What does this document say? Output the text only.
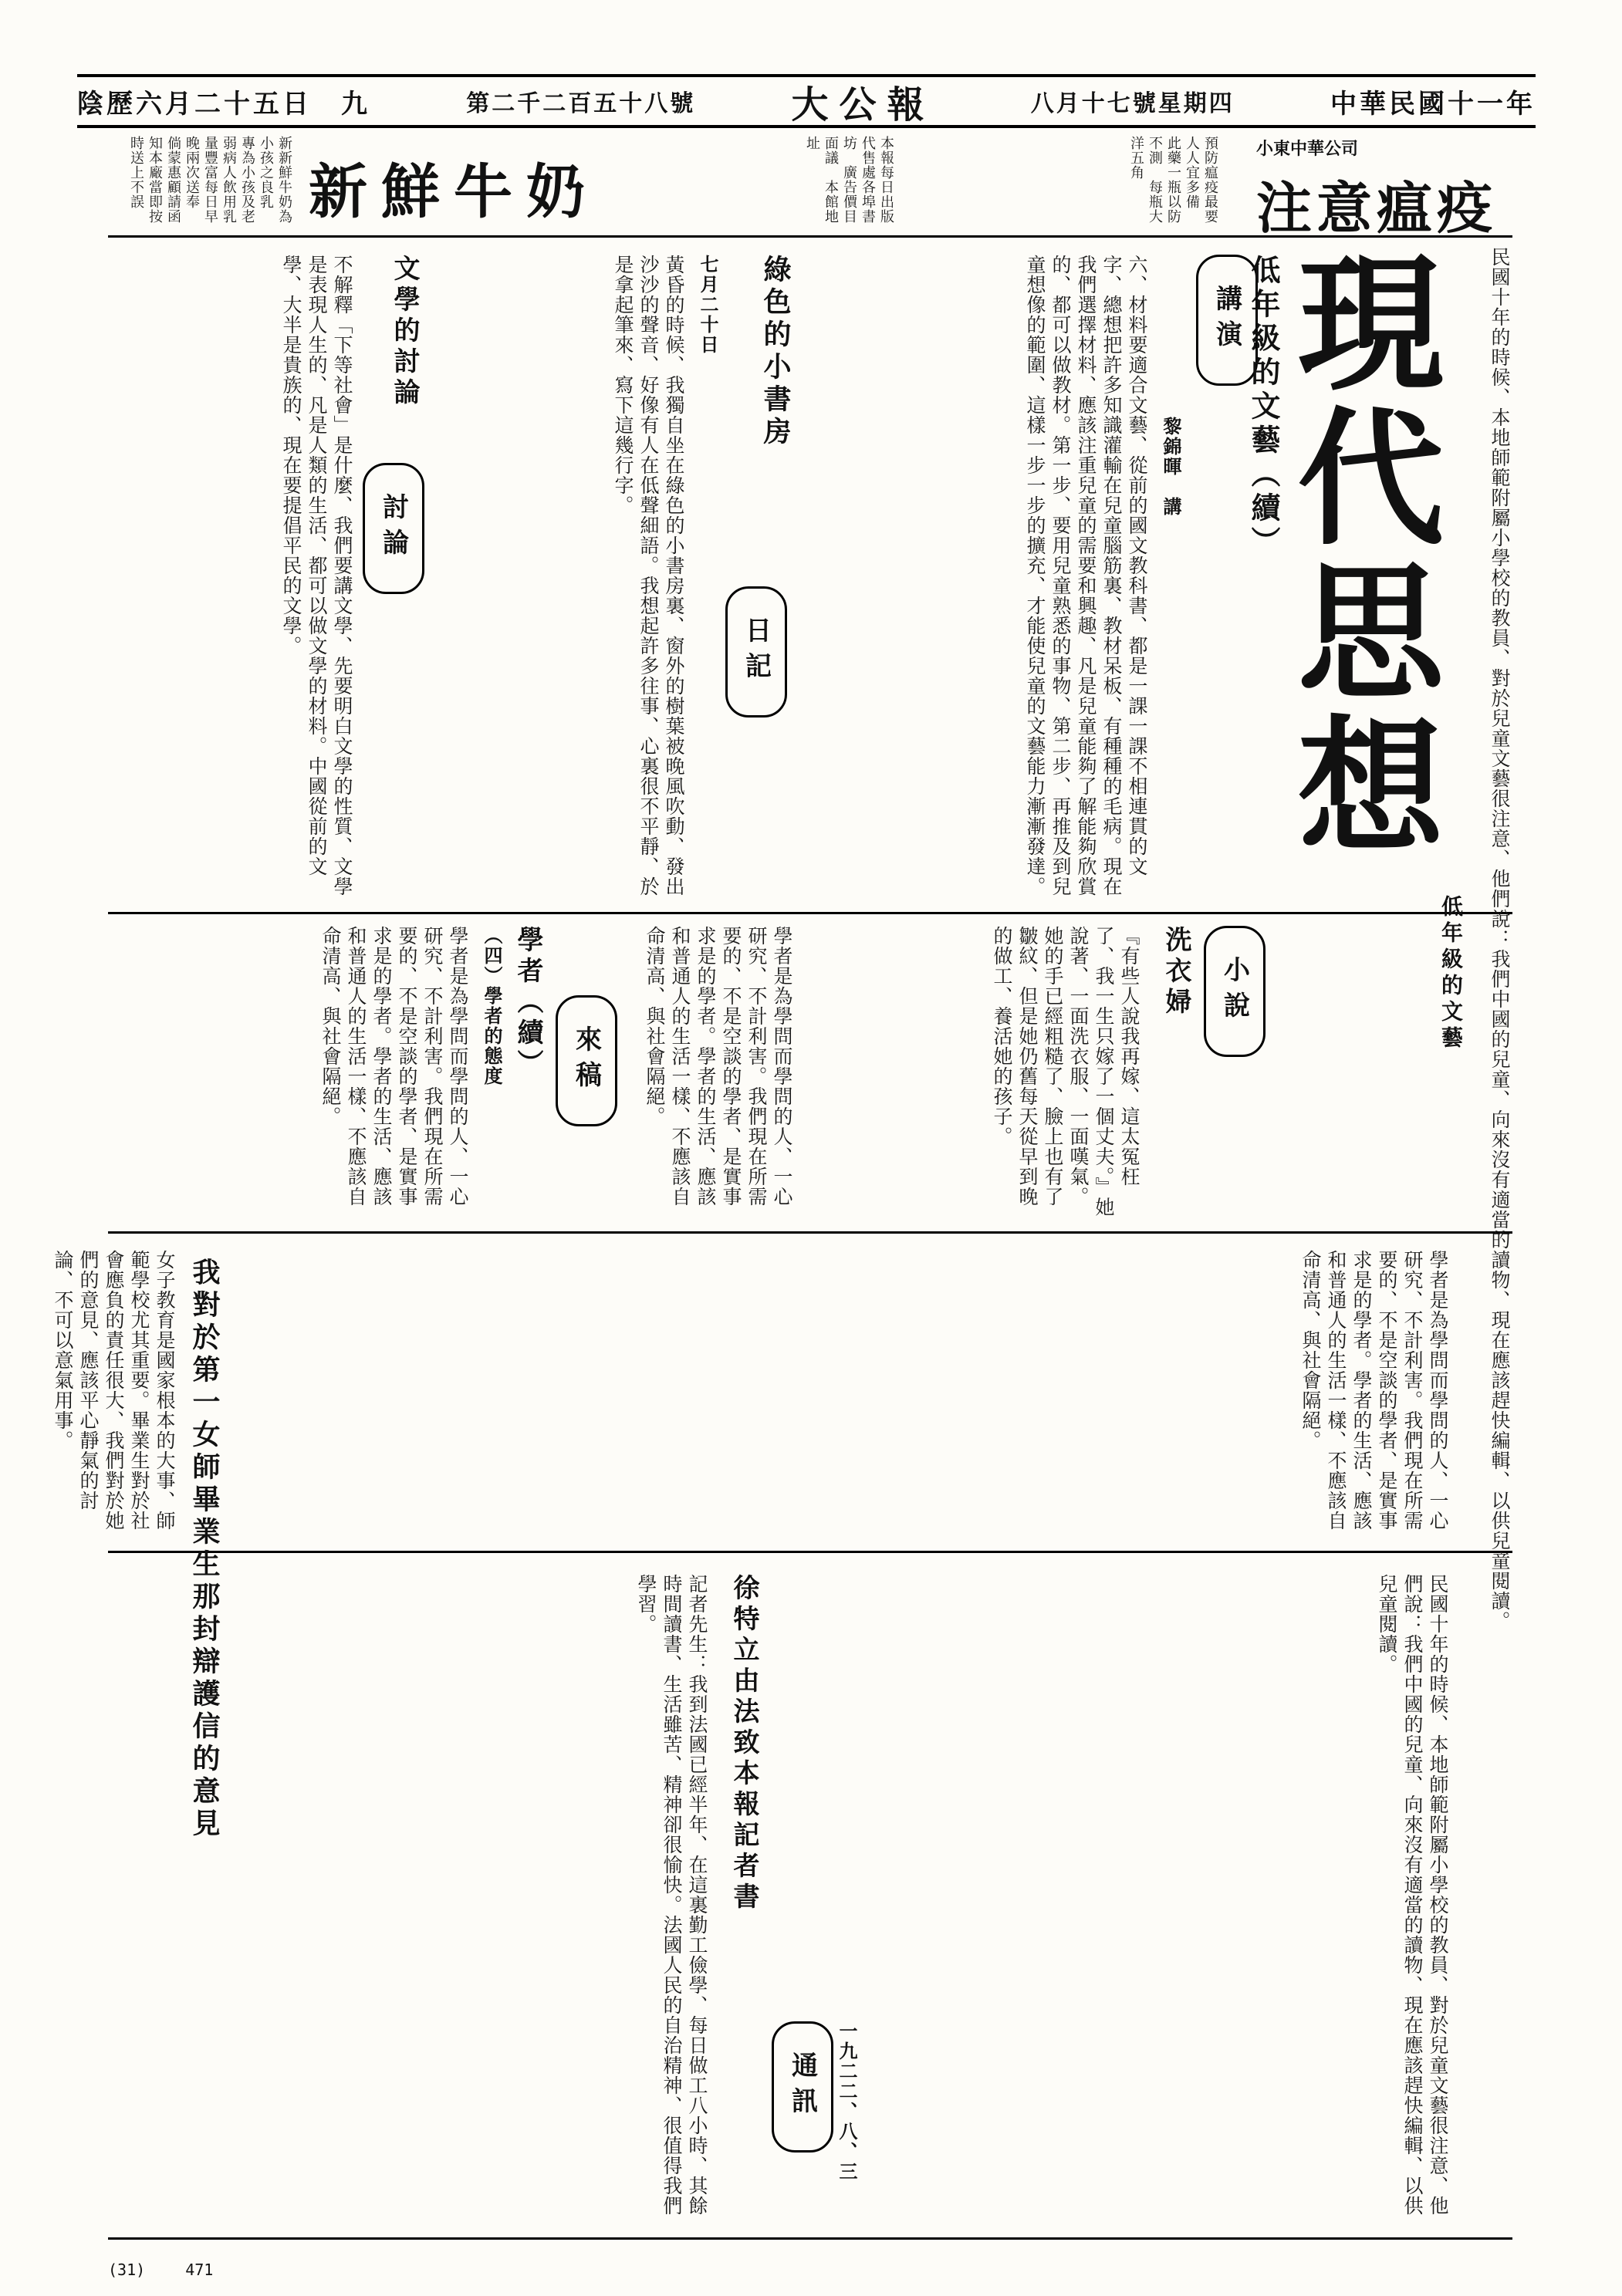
陰歷六月二十五日　九	第二千二百五十八號	大公報	八月十七號星期四	中華民國十一年
新新鮮牛奶為小孩之良乳　專為小孩及老弱病人飲用乳量豐富每日早晚兩次送奉　倘蒙惠顧請函知本廠當即按時送上不誤	新鮮牛奶	本報每日出版　代售處各埠書坊　廣告價目面議　本館地址	預防瘟疫最要　人人宜多備　此藥一瓶以防不測　每瓶大洋五角	小東中華公司
注意瘟疫
民國十年的時候、本地師範附屬小學校的教員、對於兒童文藝很注意、他們說：我們中國的兒童、向來沒有適當的讀物、現在應該趕快編輯、以供兒童閱讀。
低年級的文藝
現代思想
講演 低年級的文藝（續）
黎錦暉　講
六、材料要適合文藝、從前的國文教科書、都是一課一課不相連貫的文字、總想把許多知識灌輸在兒童腦筋裏、教材呆板、有種種的毛病。現在我們選擇材料、應該注重兒童的需要和興趣、凡是兒童能夠了解能夠欣賞的、都可以做教材。第一步、要用兒童熟悉的事物、第二步、再推及到兒童想像的範圍、這樣一步一步的擴充、才能使兒童的文藝能力漸漸發達。
日記
綠色的小書房
七月二十日
黃昏的時候、我獨自坐在綠色的小書房裏、窗外的樹葉被晚風吹動、發出沙沙的聲音、好像有人在低聲細語。我想起許多往事、心裏很不平靜、於是拿起筆來、寫下這幾行字。
討論
文學的討論
不解釋「下等社會」是什麼、我們要講文學、先要明白文學的性質、文學是表現人生的、凡是人類的生活、都可以做文學的材料。中國從前的文學、大半是貴族的、現在要提倡平民的文學。
小說
洗衣婦
『有些人說我再嫁、這太冤枉了、我一生只嫁了一個丈夫。』她說著、一面洗衣服、一面嘆氣。她的手已經粗糙了、臉上也有了皺紋、但是她仍舊每天從早到晚的做工、養活她的孩子。
來稿
學者（續）
（四）學者的態度
學者是為學問而學問的人、一心研究、不計利害。我們現在所需要的、不是空談的學者、是實事求是的學者。學者的生活、應該和普通人的生活一樣、不應該自命清高、與社會隔絕。	學者是為學問而學問的人、一心研究、不計利害。我們現在所需要的、不是空談的學者、是實事求是的學者。學者的生活、應該和普通人的生活一樣、不應該自命清高、與社會隔絕。
我對於第一女師畢業生那封辯護信的意見
女子教育是國家根本的大事、師範學校尤其重要。畢業生對於社會應負的責任很大、我們對於她們的意見、應該平心靜氣的討論、不可以意氣用事。	學者是為學問而學問的人、一心研究、不計利害。我們現在所需要的、不是空談的學者、是實事求是的學者。學者的生活、應該和普通人的生活一樣、不應該自命清高、與社會隔絕。
通訊
徐特立由法致本報記者書
一九二二、八、三
記者先生：我到法國已經半年、在這裏勤工儉學、每日做工八小時、其餘時間讀書、生活雖苦、精神卻很愉快。法國人民的自治精神、很值得我們學習。	民國十年的時候、本地師範附屬小學校的教員、對於兒童文藝很注意、他們說：我們中國的兒童、向來沒有適當的讀物、現在應該趕快編輯、以供兒童閱讀。
(31)	471
